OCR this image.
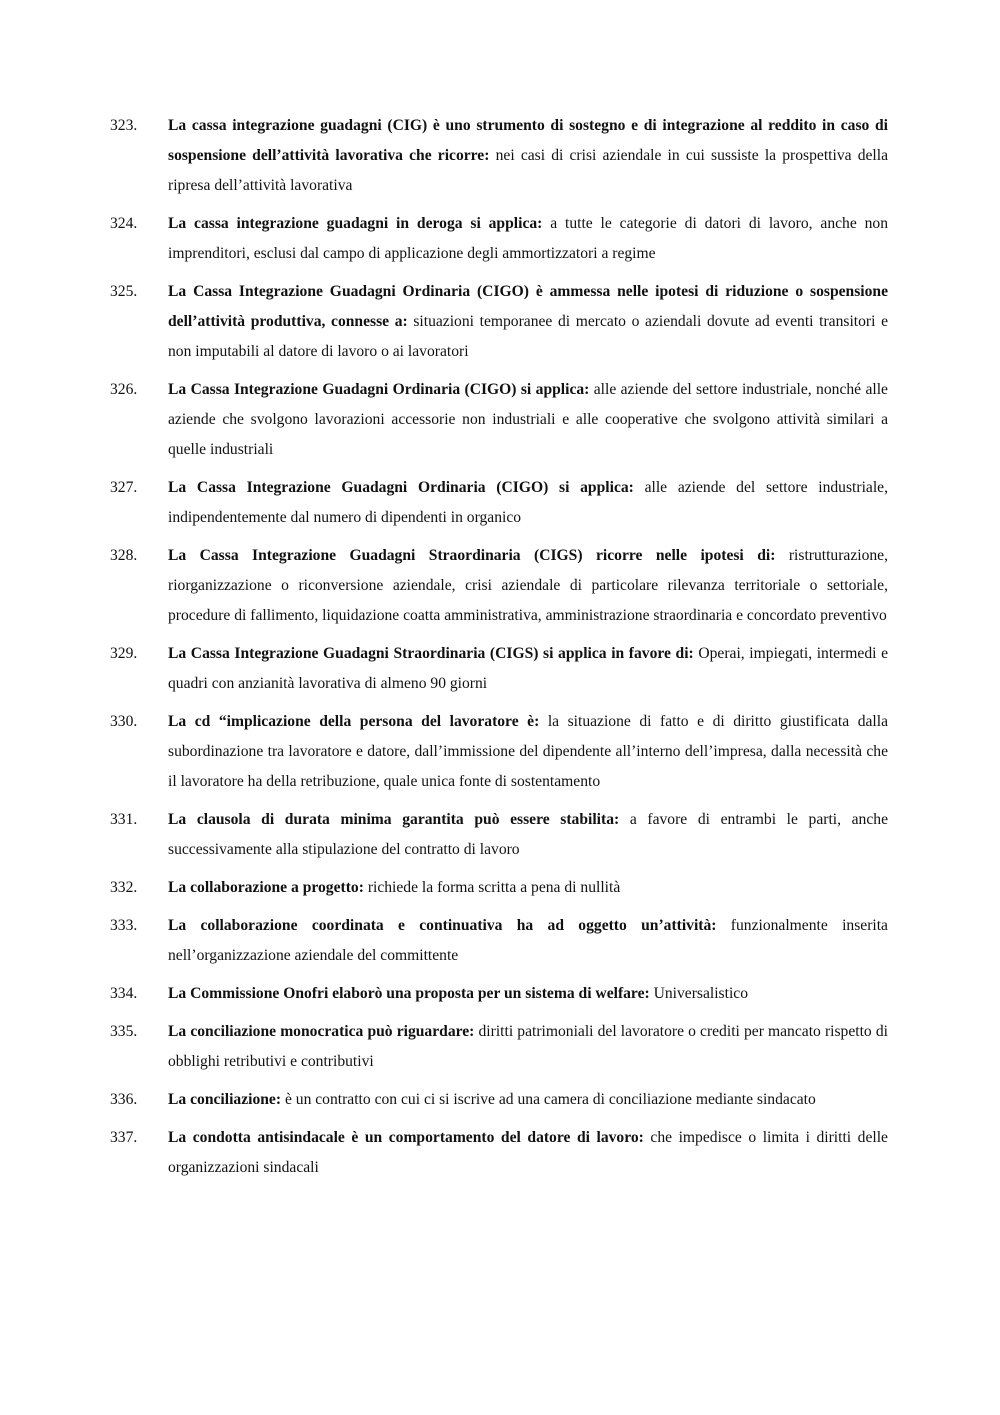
323. La cassa integrazione guadagni (CIG) è uno strumento di sostegno e di integrazione al reddito in caso di sospensione dell’attività lavorativa che ricorre: nei casi di crisi aziendale in cui sussiste la prospettiva della ripresa dell’attività lavorativa
324. La cassa integrazione guadagni in deroga si applica: a tutte le categorie di datori di lavoro, anche non imprenditori, esclusi dal campo di applicazione degli ammortizzatori a regime
325. La Cassa Integrazione Guadagni Ordinaria (CIGO) è ammessa nelle ipotesi di riduzione o sospensione dell’attività produttiva, connesse a: situazioni temporanee di mercato o aziendali dovute ad eventi transitori e non imputabili al datore di lavoro o ai lavoratori
326. La Cassa Integrazione Guadagni Ordinaria (CIGO) si applica: alle aziende del settore industriale, nonché alle aziende che svolgono lavorazioni accessorie non industriali e alle cooperative che svolgono attività similari a quelle industriali
327. La Cassa Integrazione Guadagni Ordinaria (CIGO) si applica: alle aziende del settore industriale, indipendentemente dal numero di dipendenti in organico
328. La Cassa Integrazione Guadagni Straordinaria (CIGS) ricorre nelle ipotesi di: ristrutturazione, riorganizzazione o riconversione aziendale, crisi aziendale di particolare rilevanza territoriale o settoriale, procedure di fallimento, liquidazione coatta amministrativa, amministrazione straordinaria e concordato preventivo
329. La Cassa Integrazione Guadagni Straordinaria (CIGS) si applica in favore di: Operai, impiegati, intermedi e quadri con anzianità lavorativa di almeno 90 giorni
330. La cd “implicazione della persona del lavoratore è: la situazione di fatto e di diritto giustificata dalla subordinazione tra lavoratore e datore, dall’immissione del dipendente all’interno dell’impresa, dalla necessità che il lavoratore ha della retribuzione, quale unica fonte di sostentamento
331. La clausola di durata minima garantita può essere stabilita: a favore di entrambi le parti, anche successivamente alla stipulazione del contratto di lavoro
332. La collaborazione a progetto: richiede la forma scritta a pena di nullità
333. La collaborazione coordinata e continuativa ha ad oggetto un’attività: funzionalmente inserita nell’organizzazione aziendale del committente
334. La Commissione Onofri elaborò una proposta per un sistema di welfare: Universalistico
335. La conciliazione monocratica può riguardare: diritti patrimoniali del lavoratore o crediti per mancato rispetto di obblighi retributivi e contributivi
336. La conciliazione: è un contratto con cui ci si iscrive ad una camera di conciliazione mediante sindacato
337. La condotta antisindacale è un comportamento del datore di lavoro: che impedisce o limita i diritti delle organizzazioni sindacali
